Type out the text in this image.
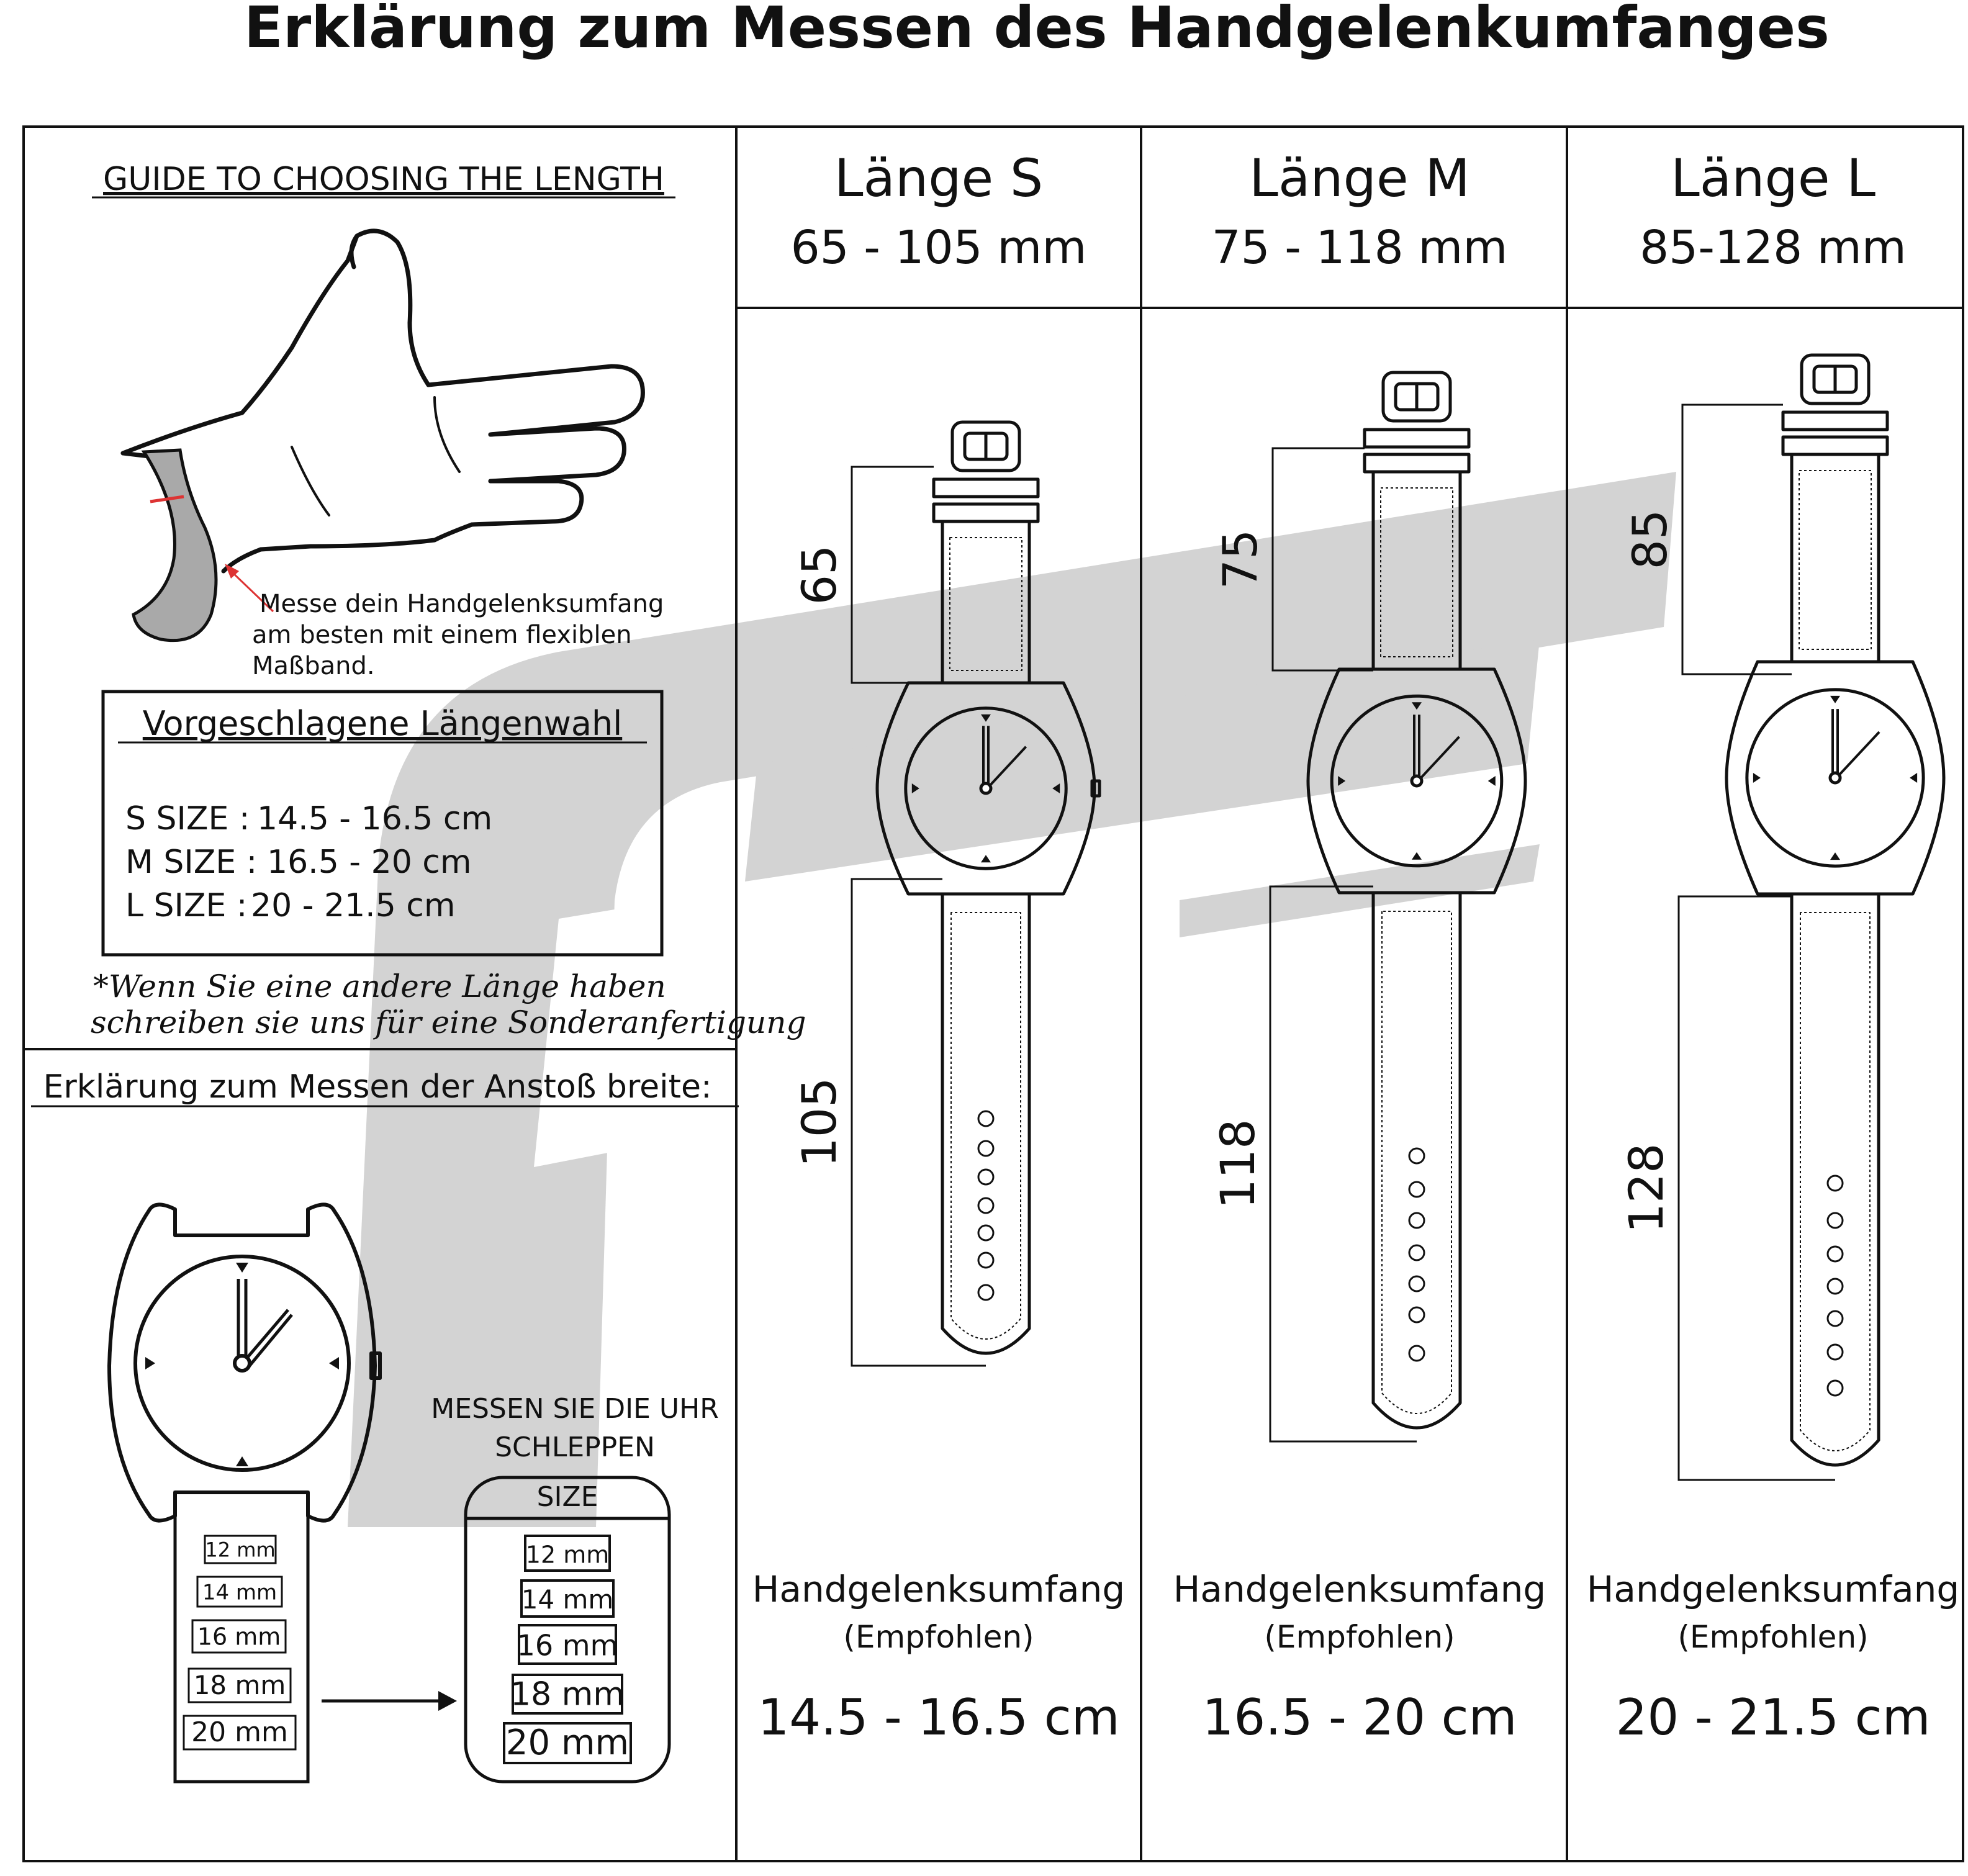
Erklärung zum Messen des Handgelenkumfanges
GUIDE TO CHOOSING THE LENGTH
Messe dein Handgelenksumfang
am besten mit einem flexiblen
Maßband.
Vorgeschlagene Längenwahl
S SIZE : 14.5 - 16.5 cm
M SIZE : 16.5 - 20 cm
L SIZE : 20 - 21.5 cm
*Wenn Sie eine andere Länge haben
schreiben sie uns für eine Sonderanfertigung
Erklärung zum Messen der Anstoß breite:
12 mm
14 mm
16 mm
18 mm
20 mm
MESSEN SIE DIE UHR
SCHLEPPEN
SIZE
12 mm
14 mm
16 mm
18 mm
20 mm
Länge S
65 - 105 mm
65
105
Handgelenksumfang
(Empfohlen)
14.5 - 16.5 cm
Länge M
75 - 118 mm
75
118
Handgelenksumfang
(Empfohlen)
16.5 - 20 cm
Länge L
85-128 mm
85
128
Handgelenksumfang
(Empfohlen)
20 - 21.5 cm
